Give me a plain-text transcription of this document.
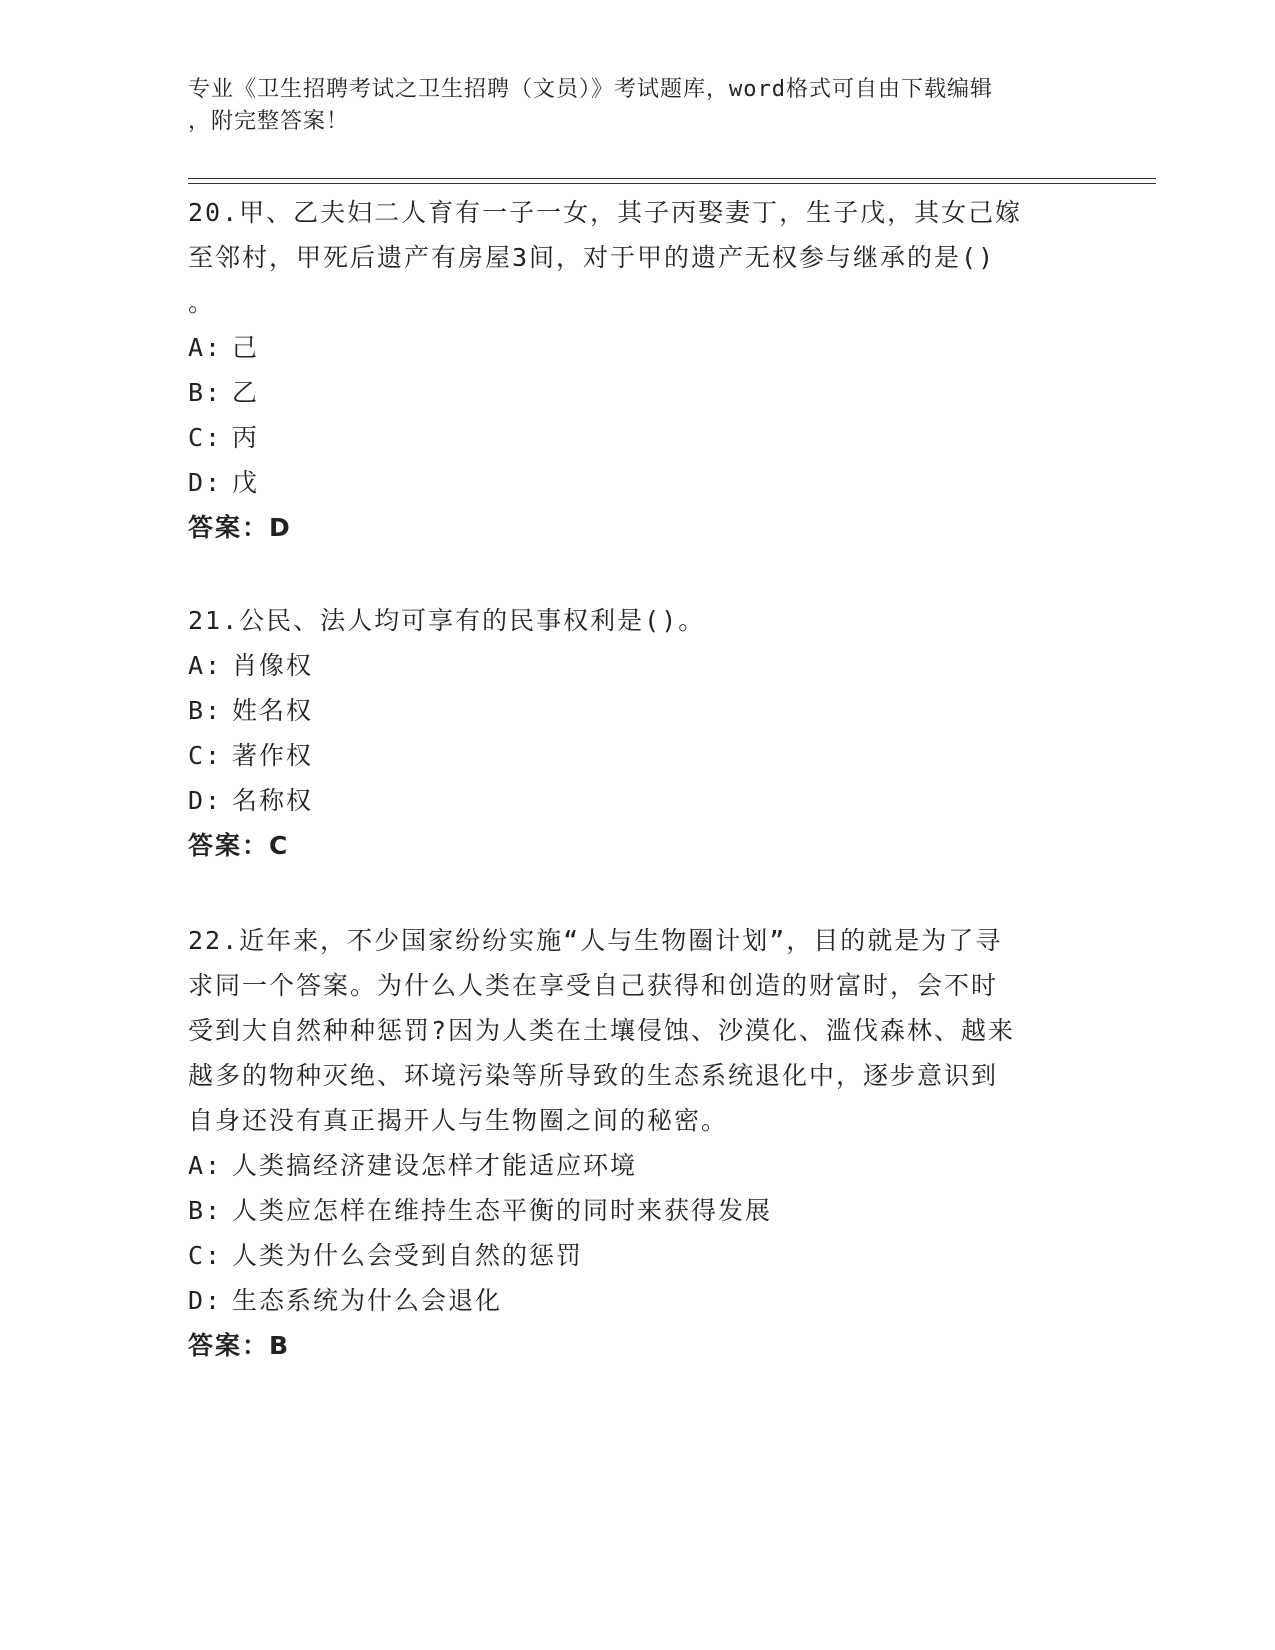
专业《卫生招聘考试之卫生招聘（文员）》考试题库，word格式可自由下载编辑
，附完整答案！

20.甲、乙夫妇二人育有一子一女，其子丙娶妻丁，生子戊，其女己嫁

至邻村，甲死后遗产有房屋3间，对于甲的遗产无权参与继承的是()

。

A: 己

B: 乙

C: 丙

D: 戊

答案：D

21.公民、法人均可享有的民事权利是()。

A: 肖像权

B: 姓名权

C: 著作权

D: 名称权

答案：C

22.近年来，不少国家纷纷实施“人与生物圈计划”，目的就是为了寻

求同一个答案。为什么人类在享受自己获得和创造的财富时，会不时

受到大自然种种惩罚?因为人类在土壤侵蚀、沙漠化、滥伐森林、越来

越多的物种灭绝、环境污染等所导致的生态系统退化中，逐步意识到

自身还没有真正揭开人与生物圈之间的秘密。

A: 人类搞经济建设怎样才能适应环境

B: 人类应怎样在维持生态平衡的同时来获得发展

C: 人类为什么会受到自然的惩罚

D: 生态系统为什么会退化

答案：B
